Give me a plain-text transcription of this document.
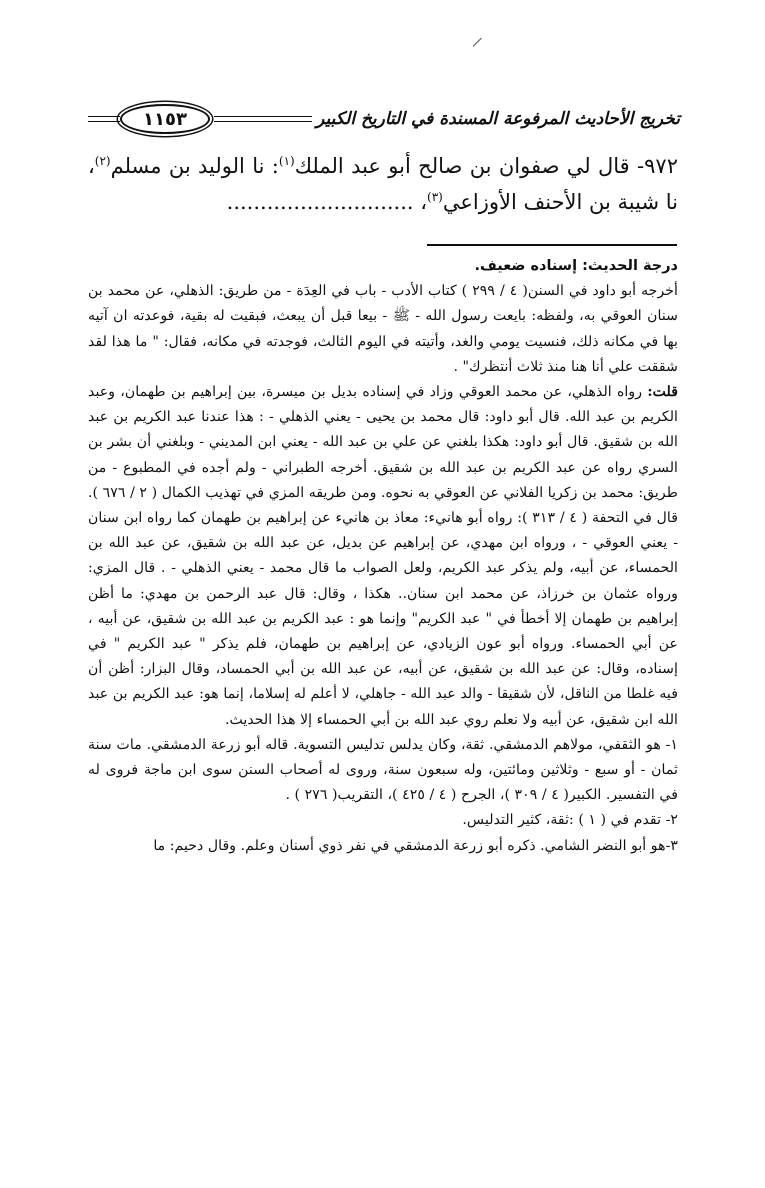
تخريج الأحاديث المرفوعة المسندة في التاريخ الكبير
١١٥٣

٩٧٢- قال لي صفوان بن صالح أبو عبد الملك$^{(١)}$: نا الوليد بن مسلم$^{(٢)}$، نا شيبة بن الأحنف الأوزاعي$^{(٣)}$، ............................

درجة الحديث: إسناده ضعيف.

أخرجه أبو داود في السنن( ٤ / ٢٩٩ ) كتاب الأدب - باب في العِدَة - من طريق: الذهلي، عن محمد بن سنان العوقي به، ولفظه: بايعت رسول الله - ﷺ - بيعا قبل أن يبعث، فبقيت له بقية، فوعدته ان آتيه بها في مكانه ذلك، فنسيت يومي والغد، وأتيته في اليوم الثالث، فوجدته في مكانه، فقال: " ما هذا لقد شققت علي أنا هنا منذ ثلاث أنتظرك" .

قلت: رواه الذهلي، عن محمد العوقي وزاد في إسناده بديل بن ميسرة، بين إبراهيم بن طهمان، وعبد الكريم بن عبد الله. قال أبو داود: قال محمد بن يحيى - يعني الذهلي - : هذا عندنا عبد الكريم بن عبد الله بن شقيق. قال أبو داود: هكذا بلغني عن علي بن عبد الله - يعني ابن المديني - وبلغني أن بشر بن السري رواه عن عبد الكريم بن عبد الله بن شقيق. أخرجه الطبراني - ولم أجده في المطبوع - من طريق: محمد بن زكريا الفلاني عن العوقي به نحوه. ومن طريقه المزي في تهذيب الكمال ( ٢ / ٦٧٦ ). قال في التحفة ( ٤ / ٣١٣ ): رواه أبو هانيء: معاذ بن هانيء عن إبراهيم بن طهمان كما رواه ابن سنان - يعني العوقي - ، ورواه ابن مهدي، عن إبراهيم عن بديل، عن عبد الله بن شقيق، عن عبد الله بن الحمساء، عن أبيه، ولم يذكر عبد الكريم، ولعل الصواب ما قال محمد - يعني الذهلي - . قال المزي: ورواه عثمان بن خرزاذ، عن محمد ابن سنان.. هكذا ، وقال: قال عبد الرحمن بن مهدي: ما أظن إبراهيم بن طهمان إلا أخطأ في " عبد الكريم" وإنما هو : عبد الكريم بن عبد الله بن شقيق، عن أبيه ، عن أبي الحمساء. ورواه أبو عون الزيادي، عن إبراهيم بن طهمان، فلم يذكر " عبد الكريم " في إسناده، وقال: عن عبد الله بن شقيق، عن أبيه، عن عبد الله بن أبي الحمساد، وقال البزار: أظن أن فيه غلطا من الناقل، لأن شقيقا - والد عبد الله - جاهلي، لا أعلم له إسلاما، إنما هو: عبد الكريم بن عبد الله ابن شقيق، عن أبيه ولا نعلم روي عبد الله بن أبي الحمساء إلا هذا الحديث.

١- هو الثقفي، مولاهم الدمشقي. ثقة، وكان يدلس تدليس التسوية. قاله أبو زرعة الدمشقي. مات سنة ثمان - أو سبع - وثلاثين ومائتين، وله سبعون سنة، وروى له أصحاب السنن سوى ابن ماجة فروى له في التفسير. الكبير( ٤ / ٣٠٩ )، الجرح ( ٤ / ٤٢٥ )، التقريب( ٢٧٦ ) .

٢- تقدم في ( ١ ) :ثقة، كثير التدليس.

٣-هو أبو النضر الشامي. ذكره أبو زرعة الدمشقي في نفر ذوي أسنان وعلم. وقال دحيم: ما
